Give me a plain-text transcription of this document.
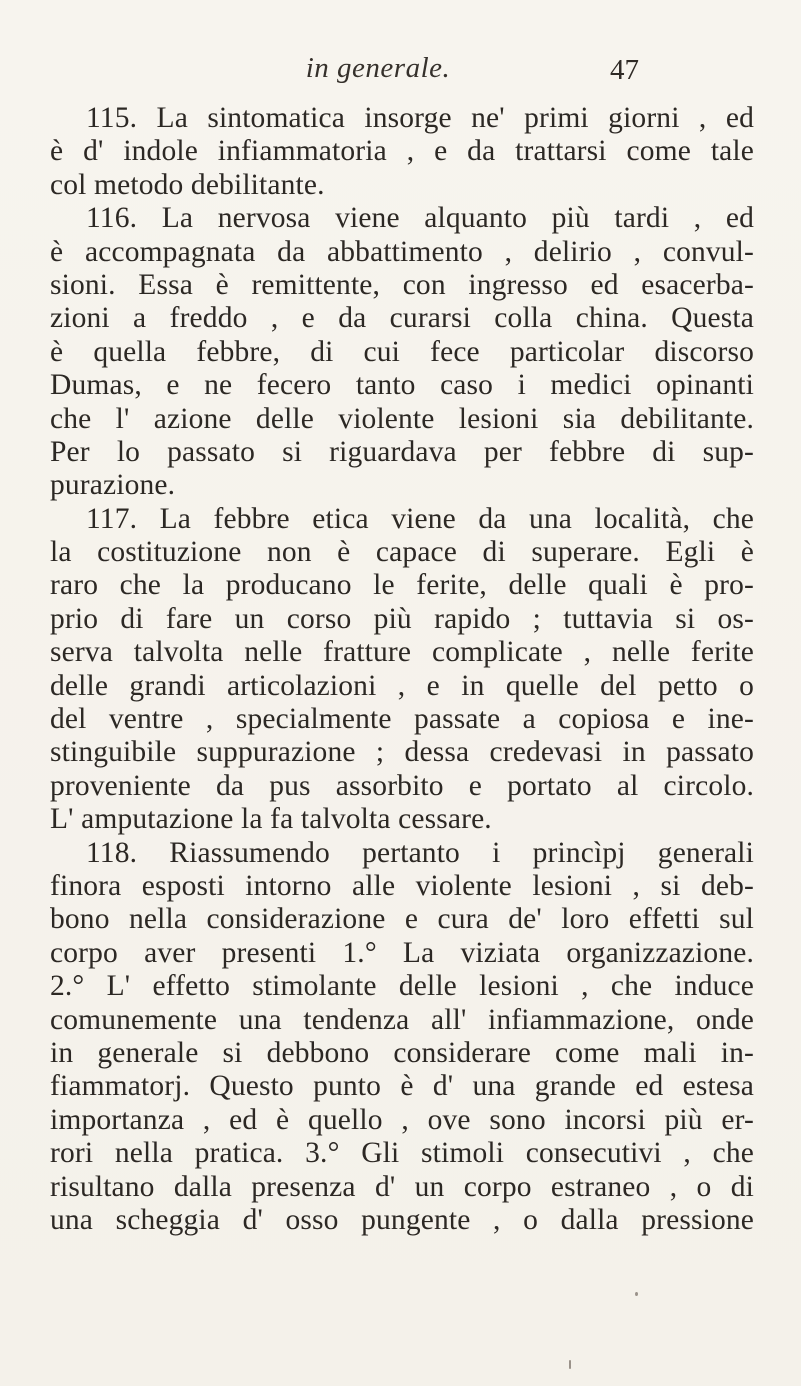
in generale.	47
115. La sintomatica insorge ne' primi giorni , ed
è d' indole infiammatoria , e da trattarsi come tale
col metodo debilitante.
116. La nervosa viene alquanto più tardi , ed
è accompagnata da abbattimento , delirio , convul-
sioni. Essa è remittente, con ingresso ed esacerba-
zioni a freddo , e da curarsi colla china. Questa
è quella febbre, di cui fece particolar discorso
Dumas, e ne fecero tanto caso i medici opinanti
che l' azione delle violente lesioni sia debilitante.
Per lo passato si riguardava per febbre di sup-
purazione.
117. La febbre etica viene da una località, che
la costituzione non è capace di superare. Egli è
raro che la producano le ferite, delle quali è pro-
prio di fare un corso più rapido ; tuttavia si os-
serva talvolta nelle fratture complicate , nelle ferite
delle grandi articolazioni , e in quelle del petto o
del ventre , specialmente passate a copiosa e ine-
stinguibile suppurazione ; dessa credevasi in passato
proveniente da pus assorbito e portato al circolo.
L' amputazione la fa talvolta cessare.
118. Riassumendo pertanto i princìpj generali
finora esposti intorno alle violente lesioni , si deb-
bono nella considerazione e cura de' loro effetti sul
corpo aver presenti 1.° La viziata organizzazione.
2.° L' effetto stimolante delle lesioni , che induce
comunemente una tendenza all' infiammazione, onde
in generale si debbono considerare come mali in-
fiammatorj. Questo punto è d' una grande ed estesa
importanza , ed è quello , ove sono incorsi più er-
rori nella pratica. 3.° Gli stimoli consecutivi , che
risultano dalla presenza d' un corpo estraneo , o di
una scheggia d' osso pungente , o dalla pressione
